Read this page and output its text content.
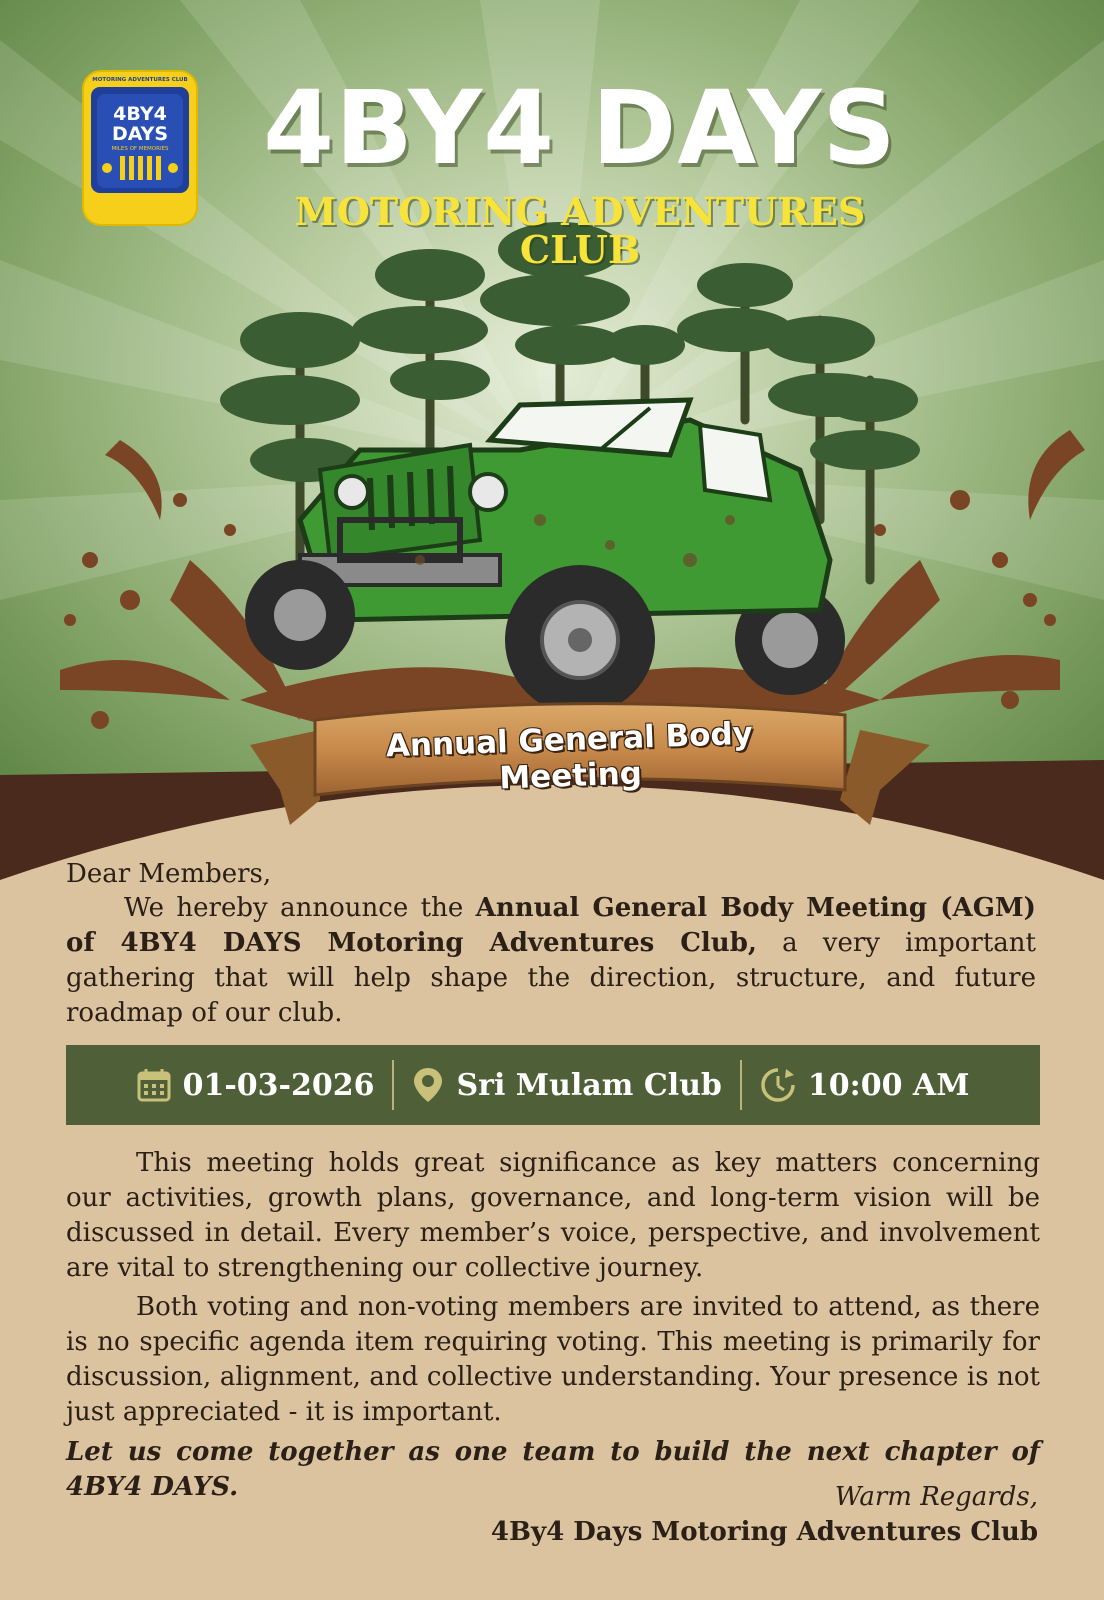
MOTORING ADVENTURES CLUB
4BY4
DAYS
MILES OF MEMORIES 4BY4 DAYS
MOTORING ADVENTURES CLUB
Annual General Body Meeting
Dear Members,
We hereby announce the Annual General Body Meeting (AGM) of 4BY4 DAYS Motoring Adventures Club, a very important gathering that will help shape the direction, structure, and future roadmap of our club.
01-03-2026	Sri Mulam Club	10:00 AM
This meeting holds great significance as key matters concerning our activities, growth plans, governance, and long-term vision will be discussed in detail. Every member’s voice, perspective, and involvement are vital to strengthening our collective journey.
Both voting and non-voting members are invited to attend, as there is no specific agenda item requiring voting. This meeting is primarily for discussion, alignment, and collective understanding. Your presence is not just appreciated - it is important.
Let us come together as one team to build the next chapter of 4BY4 DAYS.	Warm Regards,
4By4 Days Motoring Adventures Club
